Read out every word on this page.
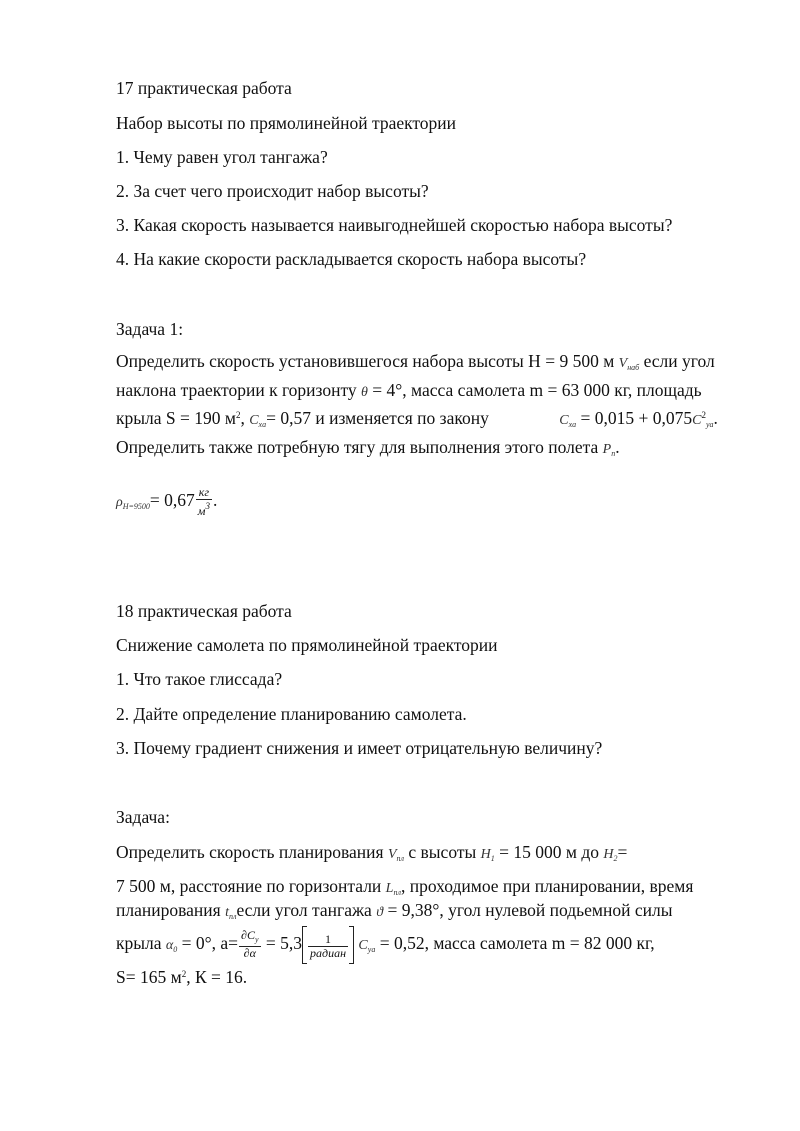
17 практическая работа
Набор высоты по прямолинейной траектории
1. Чему равен угол тангажа?
2. За счет чего происходит набор высоты?
3. Какая скорость называется наивыгоднейшей скоростью набора высоты?
4. На какие скорости раскладывается скорость набора высоты?
Задача 1:
Определить скорость установившегося набора высоты Н = 9 500 м $V_{наб}$ если угол наклона траектории к горизонту θ = 4°, масса самолета m = 63 000 кг, площадь крыла S = 190 $м^2$, $C_{xa}= 0,57$ и изменяется по закону	$C_{xa} = 0,015 + 0,075C^2_{ya}$. Определить также потребную тягу для выполнения этого полета $P_n$.
$\rho_{H=9500}= 0,67 \frac{кг}{м^3}$ .
18 практическая работа
Снижение самолета по прямолинейной траектории
1. Что такое глиссада?
2. Дайте определение планированию самолета.
3. Почему градиент снижения и имеет отрицательную величину?
Задача:
Определить скорость планирования $V_{пл}$ с высоты $H_1 = 15$ 000 м до $H_2=$
7 500 м, расстояние по горизонтали $L_{пл}$, проходимое при планировании, время
планирования $t_{пл}если$ угол тангажа ϑ = 9,38°, угол нулевой подьемной силы
крыла $\alpha_0 = 0^\circ$, $a= \frac{\partial C_y}{\partial\alpha} = 5,3 \frac{1}{\text{радиан}} C_{ya} = 0,52$, масса самолета m = 82 000 кг,
S= 165 $м^2$, К = 16.
